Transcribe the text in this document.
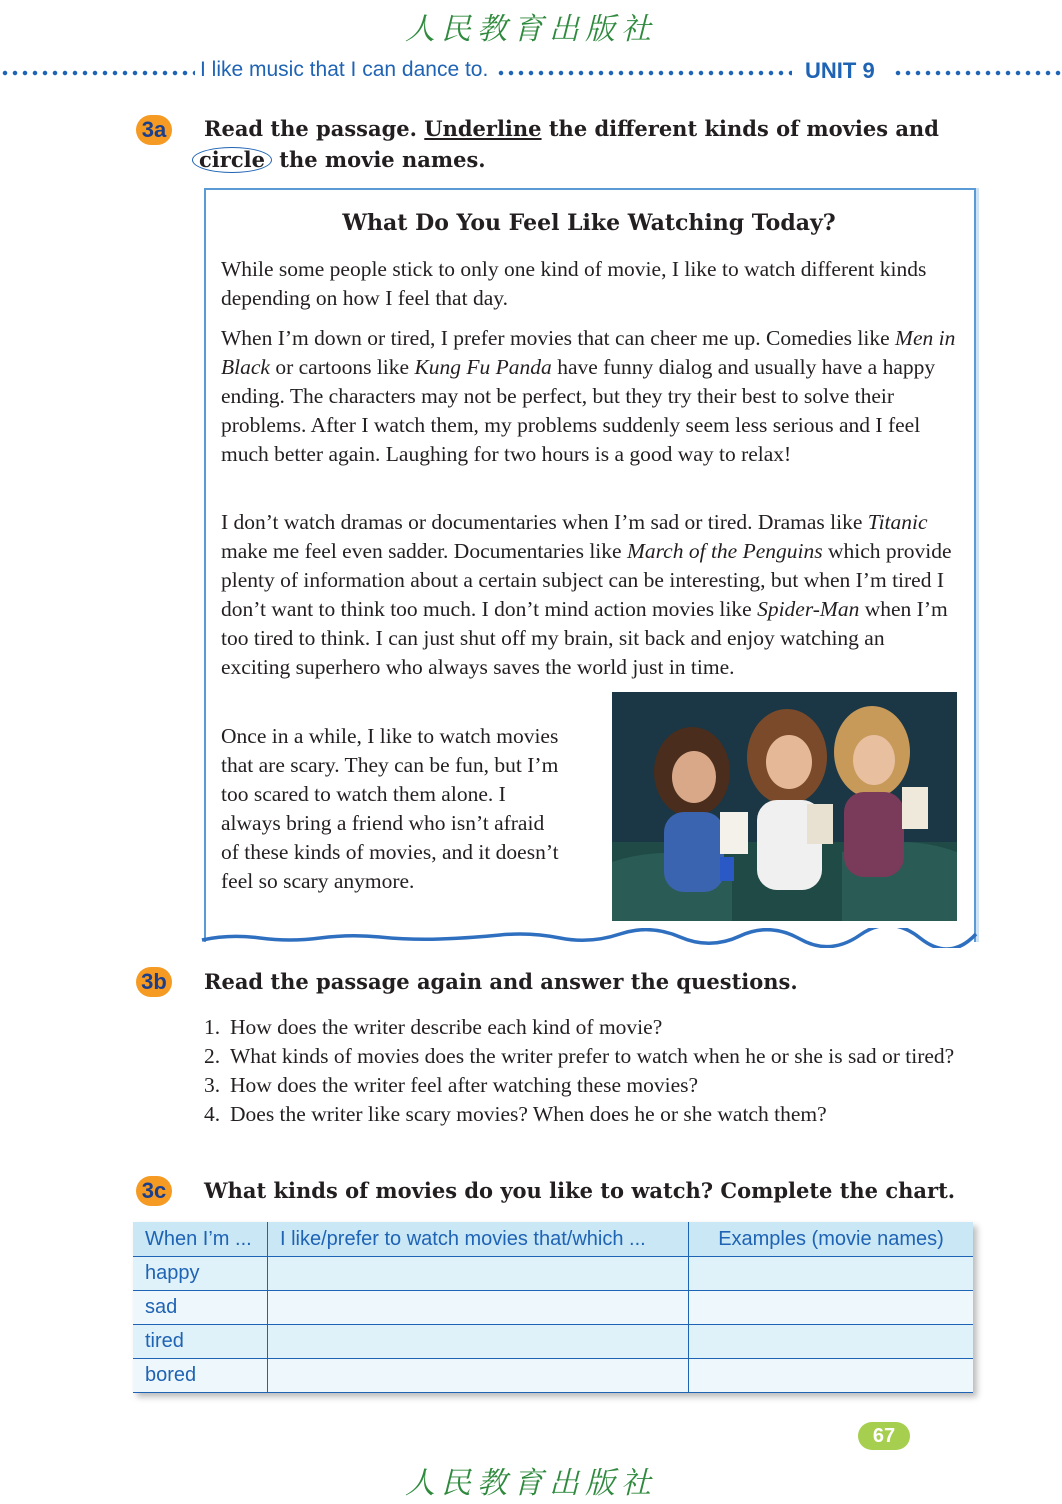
人民教育出版社
I like music that I can dance to.	UNIT 9
3a Read the passage. Underline the different kinds of movies and
circle the movie names.
What Do You Feel Like Watching Today?
While some people stick to only one kind of movie, I like to watch different kinds depending on how I feel that day.
When I’m down or tired, I prefer movies that can cheer me up. Comedies like Men in Black or cartoons like Kung Fu Panda have funny dialog and usually have a happy ending. The characters may not be perfect, but they try their best to solve their problems. After I watch them, my problems suddenly seem less serious and I feel much better again. Laughing for two hours is a good way to relax!
I don’t watch dramas or documentaries when I’m sad or tired. Dramas like Titanic make me feel even sadder. Documentaries like March of the Penguins which provide plenty of information about a certain subject can be interesting, but when I’m tired I don’t want to think too much. I don’t mind action movies like Spider-Man when I’m too tired to think. I can just shut off my brain, sit back and enjoy watching an exciting superhero who always saves the world just in time.
Once in a while, I like to watch movies that are scary. They can be fun, but I’m too scared to watch them alone. I always bring a friend who isn’t afraid of these kinds of movies, and it doesn’t feel so scary anymore.
3b Read the passage again and answer the questions.
1. How does the writer describe each kind of movie?
2. What kinds of movies does the writer prefer to watch when he or she is sad or tired?
3. How does the writer feel after watching these movies?
4. Does the writer like scary movies? When does he or she watch them?
3c What kinds of movies do you like to watch? Complete the chart.
When I’m ...	I like/prefer to watch movies that/which ...	Examples (movie names)
happy		
sad		
tired		
bored		
67
人民教育出版社
